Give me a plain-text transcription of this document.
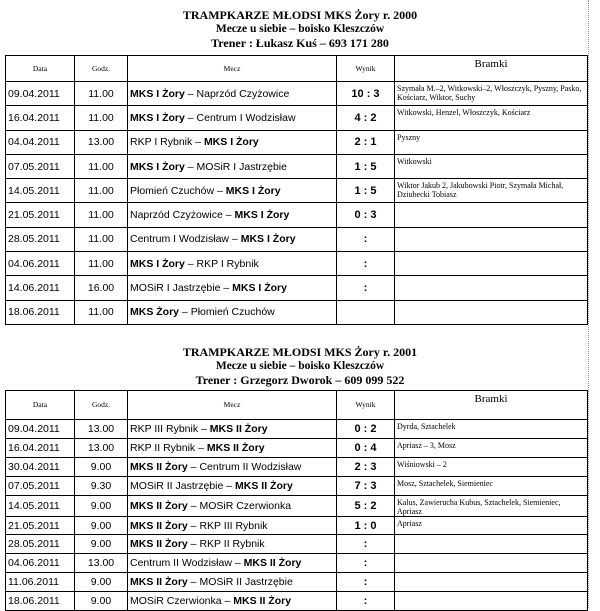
TRAMPKARZE MŁODSI MKS Żory r. 2000
Mecze u siebie – boisko Kleszczów
Trener : Łukasz Kuś – 693 171 280
Data	Godz.	Mecz	Wynik	Bramki
09.04.2011	11.00	MKS I Żory – Naprzód Czyżowice	10 : 3	Szymała M.–2, Witkowski–2, Włoszczyk, Pyszny, Pasko, Kościarz, Wiktor, Suchy
16.04.2011	11.00	MKS I Żory – Centrum I Wodzisław	4 : 2	Witkowski, Henzel, Włoszczyk, Kościarz
04.04.2011	13.00	RKP I Rybnik – MKS I Żory	2 : 1	Pyszny
07.05.2011	11.00	MKS I Żory – MOSiR I Jastrzębie	1 : 5	Witkowski
14.05.2011	11.00	Płomień Czuchów – MKS I Żory	1 : 5	Wiktor Jakub 2, Jakubowski Piotr, Szymała Michał, Dziubecki Tobiasz
21.05.2011	11.00	Naprzód Czyżowice – MKS I Żory	0 : 3	
28.05.2011	11.00	Centrum I Wodzisław – MKS I Żory	:	
04.06.2011	11.00	MKS I Żory – RKP I Rybnik	:	
14.06.2011	16.00	MOSiR I Jastrzębie – MKS I Żory	:	
18.06.2011	11.00	MKS Żory – Płomień Czuchów		
TRAMPKARZE MŁODSI MKS Żory r. 2001
Mecze u siebie – boisko Kleszczów
Trener : Grzegorz Dworok – 609 099 522
Data	Godz.	Mecz	Wynik	Bramki
09.04.2011	13.00	RKP III Rybnik – MKS II Żory	0 : 2	Dyrda, Sztachelek
16.04.2011	13.00	RKP II Rybnik – MKS II Żory	0 : 4	Apriasz – 3, Mosz
30.04.2011	9.00	MKS II Żory – Centrum II Wodzisław	2 : 3	Wiśniowski – 2
07.05.2011	9.30	MOSiR II Jastrzębie – MKS II Żory	7 : 3	Mosz, Sztachelek, Siemieniec
14.05.2011	9.00	MKS II Żory – MOSiR Czerwionka	5 : 2	Kalus, Zawierucha Kubus, Sztachelek, Siemieniec, Apriasz
21.05.2011	9.00	MKS II Żory – RKP III Rybnik	1 : 0	Apriasz
28.05.2011	9.00	MKS II Żory – RKP II Rybnik	:	
04.06.2011	13.00	Centrum II Wodzisław – MKS II Żory	:	
11.06.2011	9.00	MKS II Żory – MOSiR II Jastrzębie	:	
18.06.2011	9.00	MOSiR Czerwionka – MKS II Żory	:	
